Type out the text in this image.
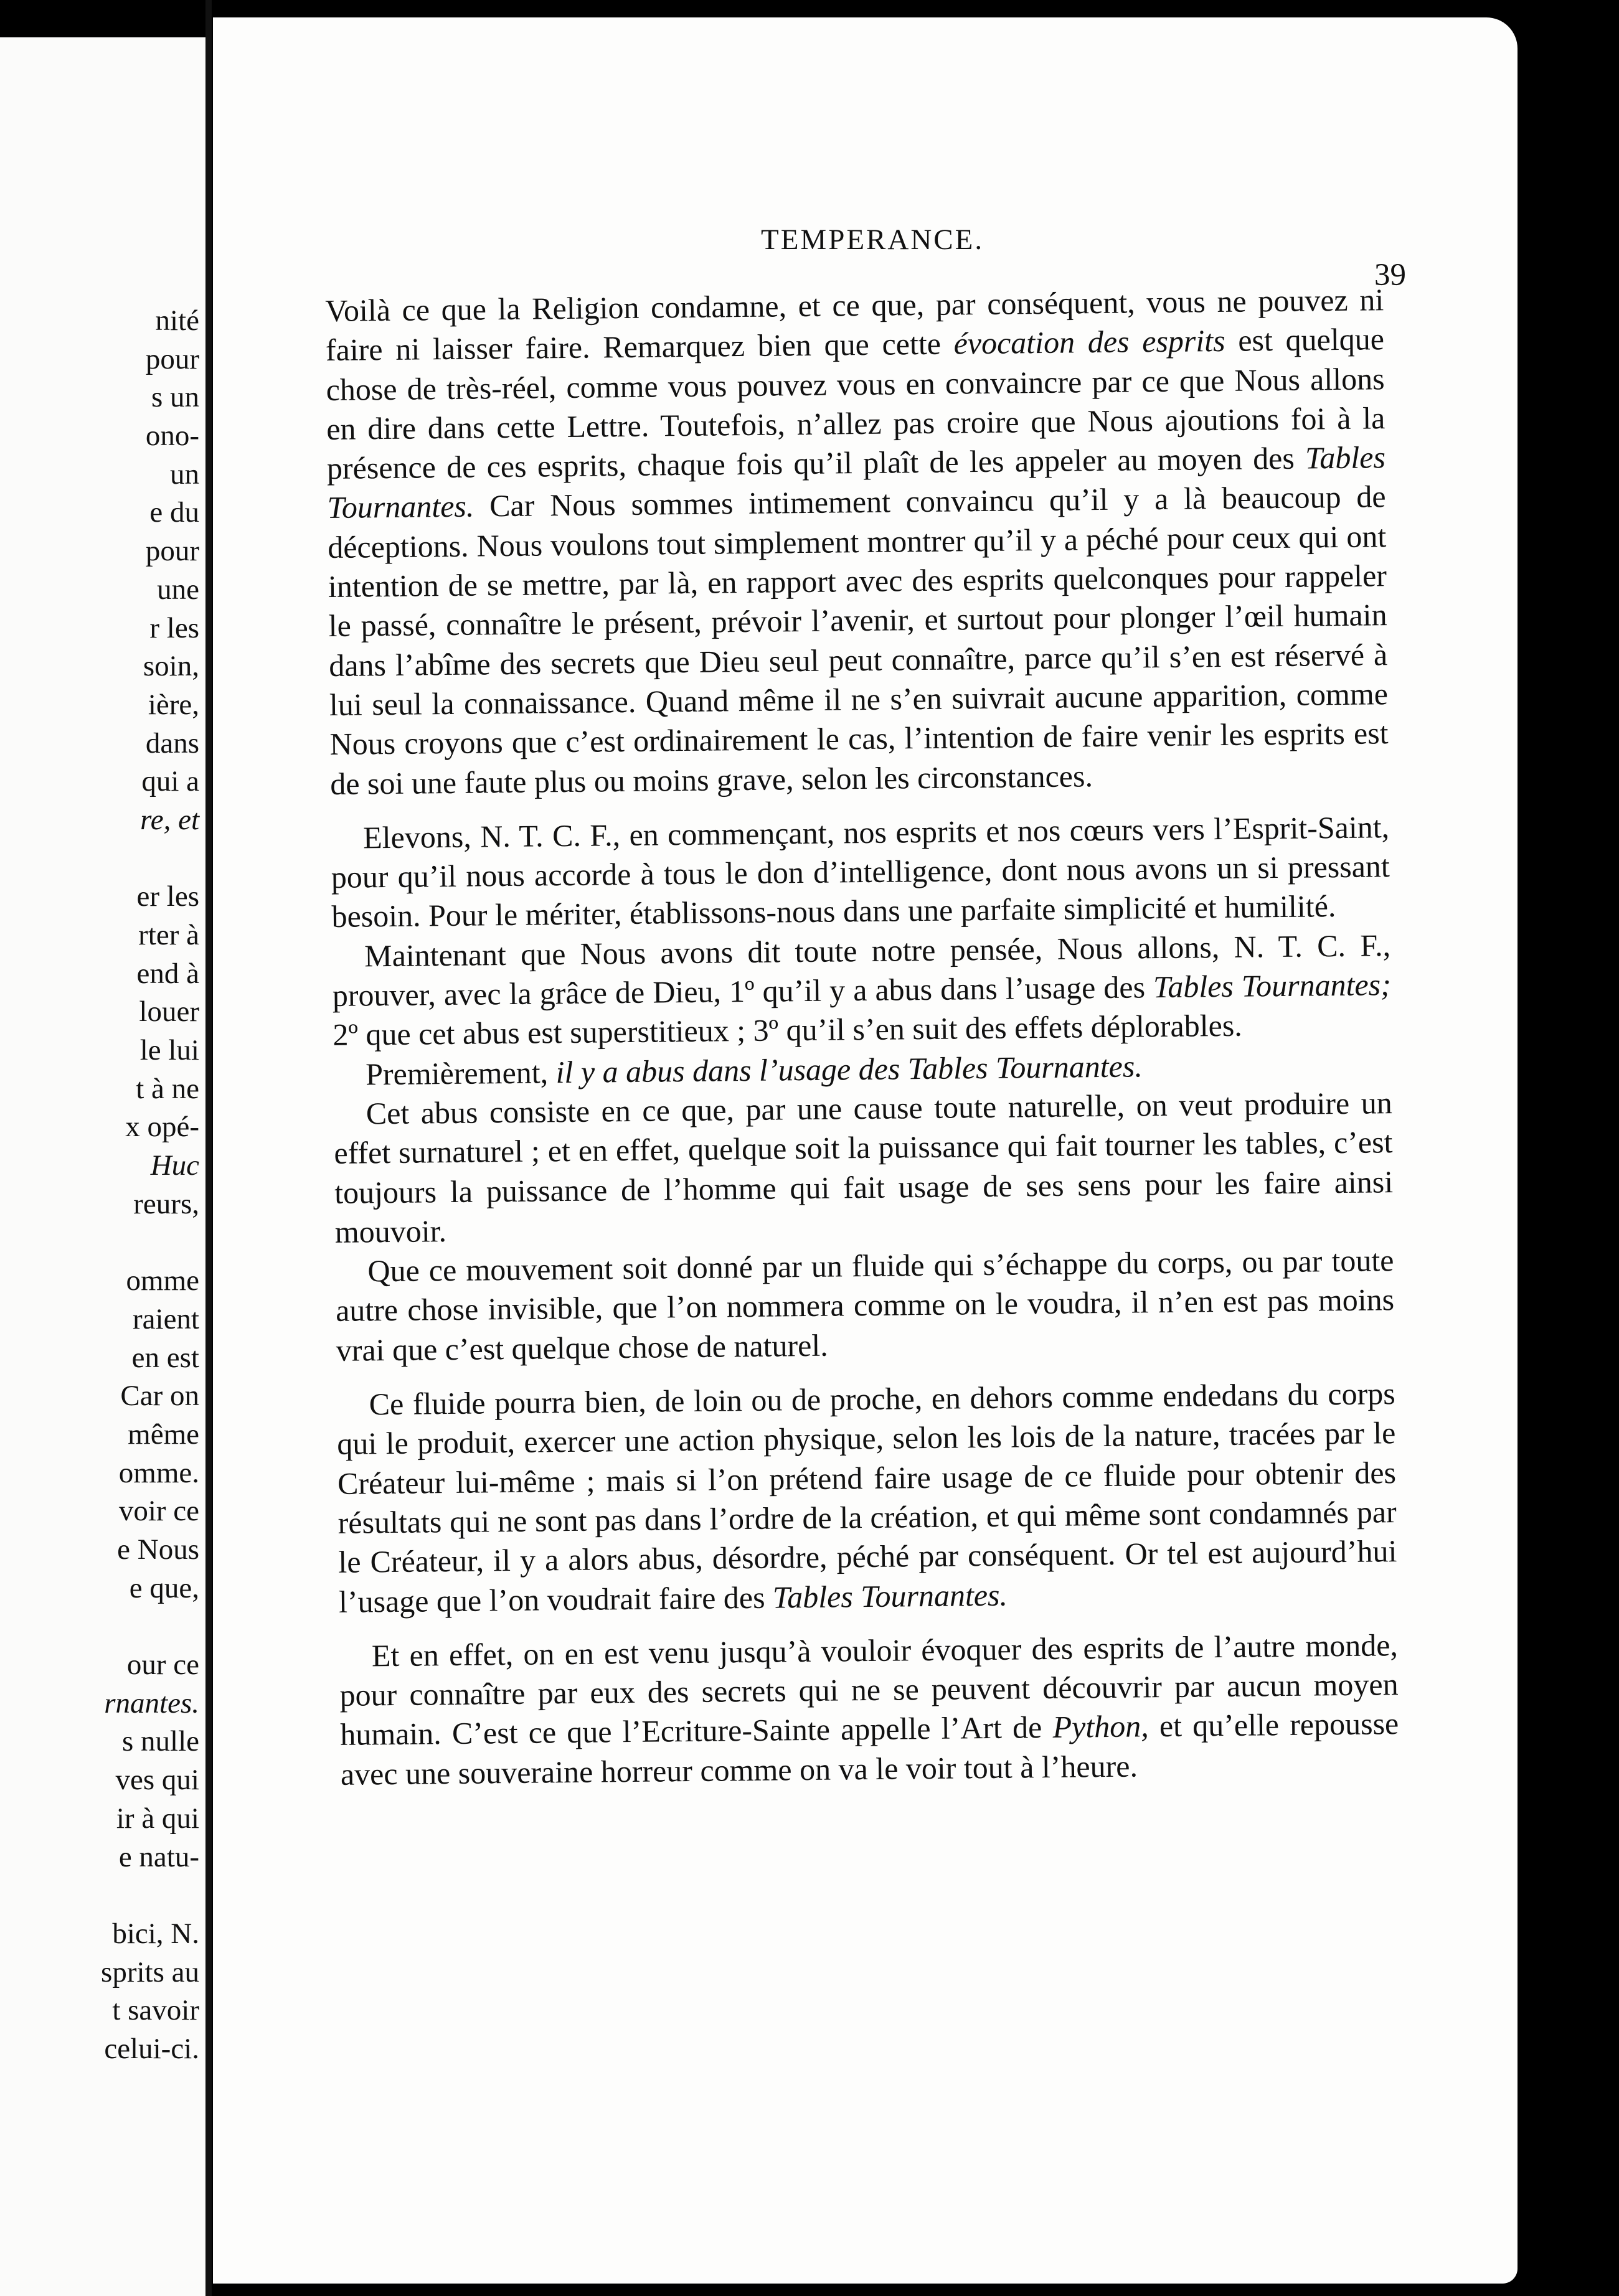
nité
pour
s un
ono-
un
e du
pour
une
r les
soin,
ière,
dans
qui a
re, et
er les
rter à
end à
louer
le lui
t à ne
x opé-
Huc
reurs,
omme
raient
en est
Car on
même
omme.
voir ce
e Nous
e que,
our ce
rnantes.
s nulle
ves qui
ir à qui
e natu-
bici, N.
sprits au
t savoir
celui-ci.
TEMPERANCE.
39

Voilà ce que la Religion condamne, et ce que, par conséquent, vous ne pouvez ni faire ni laisser faire. Remarquez bien que cette évocation des esprits est quelque chose de très-réel, comme vous pouvez vous en convaincre par ce que Nous allons en dire dans cette Lettre. Toutefois, n’allez pas croire que Nous ajoutions foi à la présence de ces esprits, chaque fois qu’il plaît de les appeler au moyen des Tables Tournantes. Car Nous sommes intimement convaincu qu’il y a là beaucoup de déceptions. Nous voulons tout simplement montrer qu’il y a péché pour ceux qui ont intention de se mettre, par là, en rapport avec des esprits quelconques pour rappeler le passé, connaître le présent, prévoir l’avenir, et surtout pour plonger l’œil humain dans l’abîme des secrets que Dieu seul peut connaître, parce qu’il s’en est réservé à lui seul la connaissance. Quand même il ne s’en suivrait aucune apparition, comme Nous croyons que c’est ordinairement le cas, l’intention de faire venir les esprits est de soi une faute plus ou moins grave, selon les circonstances.

Elevons, N. T. C. F., en commençant, nos esprits et nos cœurs vers l’Esprit-Saint, pour qu’il nous accorde à tous le don d’intelligence, dont nous avons un si pressant besoin. Pour le mériter, établissons-nous dans une parfaite simplicité et humilité.

Maintenant que Nous avons dit toute notre pensée, Nous allons, N. T. C. F., prouver, avec la grâce de Dieu, 1º qu’il y a abus dans l’usage des Tables Tournantes; 2º que cet abus est superstitieux ; 3º qu’il s’en suit des effets déplorables.

Premièrement, il y a abus dans l’usage des Tables Tournantes.

Cet abus consiste en ce que, par une cause toute naturelle, on veut produire un effet surnaturel ; et en effet, quelque soit la puissance qui fait tourner les tables, c’est toujours la puissance de l’homme qui fait usage de ses sens pour les faire ainsi mouvoir.

Que ce mouvement soit donné par un fluide qui s’échappe du corps, ou par toute autre chose invisible, que l’on nommera comme on le voudra, il n’en est pas moins vrai que c’est quelque chose de naturel.

Ce fluide pourra bien, de loin ou de proche, en dehors comme endedans du corps qui le produit, exercer une action physique, selon les lois de la nature, tracées par le Créateur lui-même ; mais si l’on prétend faire usage de ce fluide pour obtenir des résultats qui ne sont pas dans l’ordre de la création, et qui même sont condamnés par le Créateur, il y a alors abus, désordre, péché par conséquent. Or tel est aujourd’hui l’usage que l’on voudrait faire des Tables Tournantes.

Et en effet, on en est venu jusqu’à vouloir évoquer des esprits de l’autre monde, pour connaître par eux des secrets qui ne se peuvent découvrir par aucun moyen humain. C’est ce que l’Ecriture-Sainte appelle l’Art de Python, et qu’elle repousse avec une souveraine horreur comme on va le voir tout à l’heure.
